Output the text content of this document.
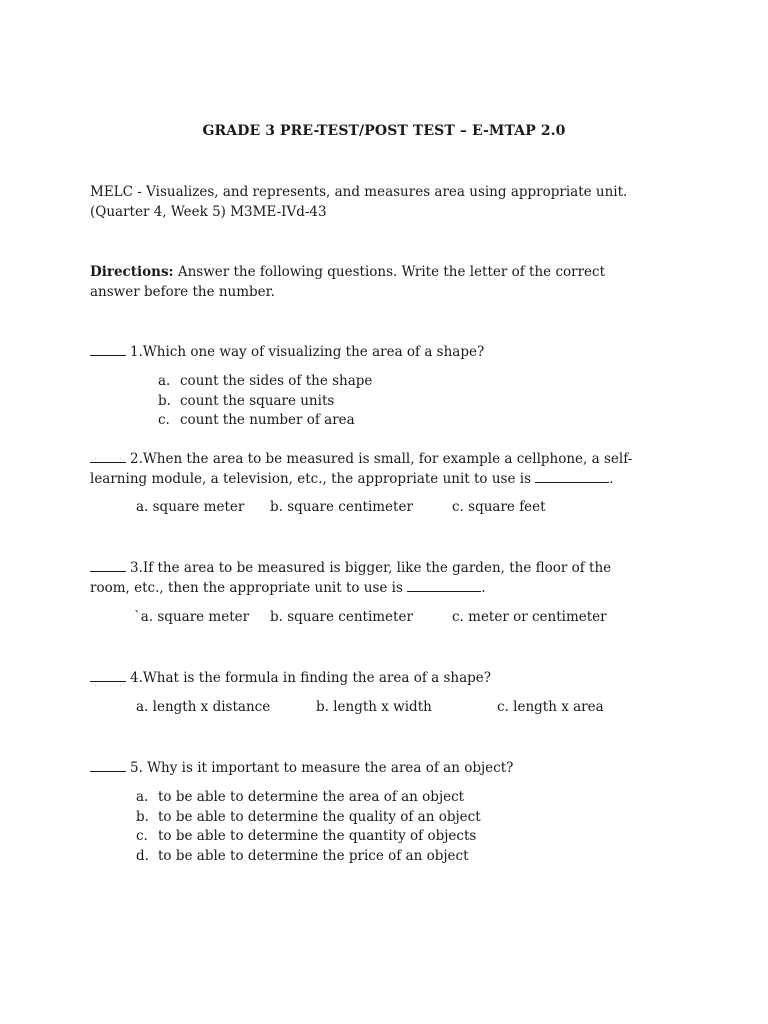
GRADE 3 PRE-TEST/POST TEST – E-MTAP 2.0
MELC - Visualizes, and represents, and measures area using appropriate unit.
(Quarter 4, Week 5) M3ME-IVd-43
Directions: Answer the following questions. Write the letter of the correct
answer before the number.
1.Which one way of visualizing the area of a shape?
a. count the sides of the shape
b. count the square units
c. count the number of area
2.When the area to be measured is small, for example a cellphone, a self-
learning module, a television, etc., the appropriate unit to use is	.
a. square meter b. square centimeter	c. square feet
3.If the area to be measured is bigger, like the garden, the floor of the
room, etc., then the appropriate unit to use is	.
`a. square meter b. square centimeter	c. meter or centimeter
4.What is the formula in finding the area of a shape?
a. length x distance	b. length x width	c. length x area
5. Why is it important to measure the area of an object?
a. to be able to determine the area of an object
b. to be able to determine the quality of an object
c. to be able to determine the quantity of objects
d. to be able to determine the price of an object
